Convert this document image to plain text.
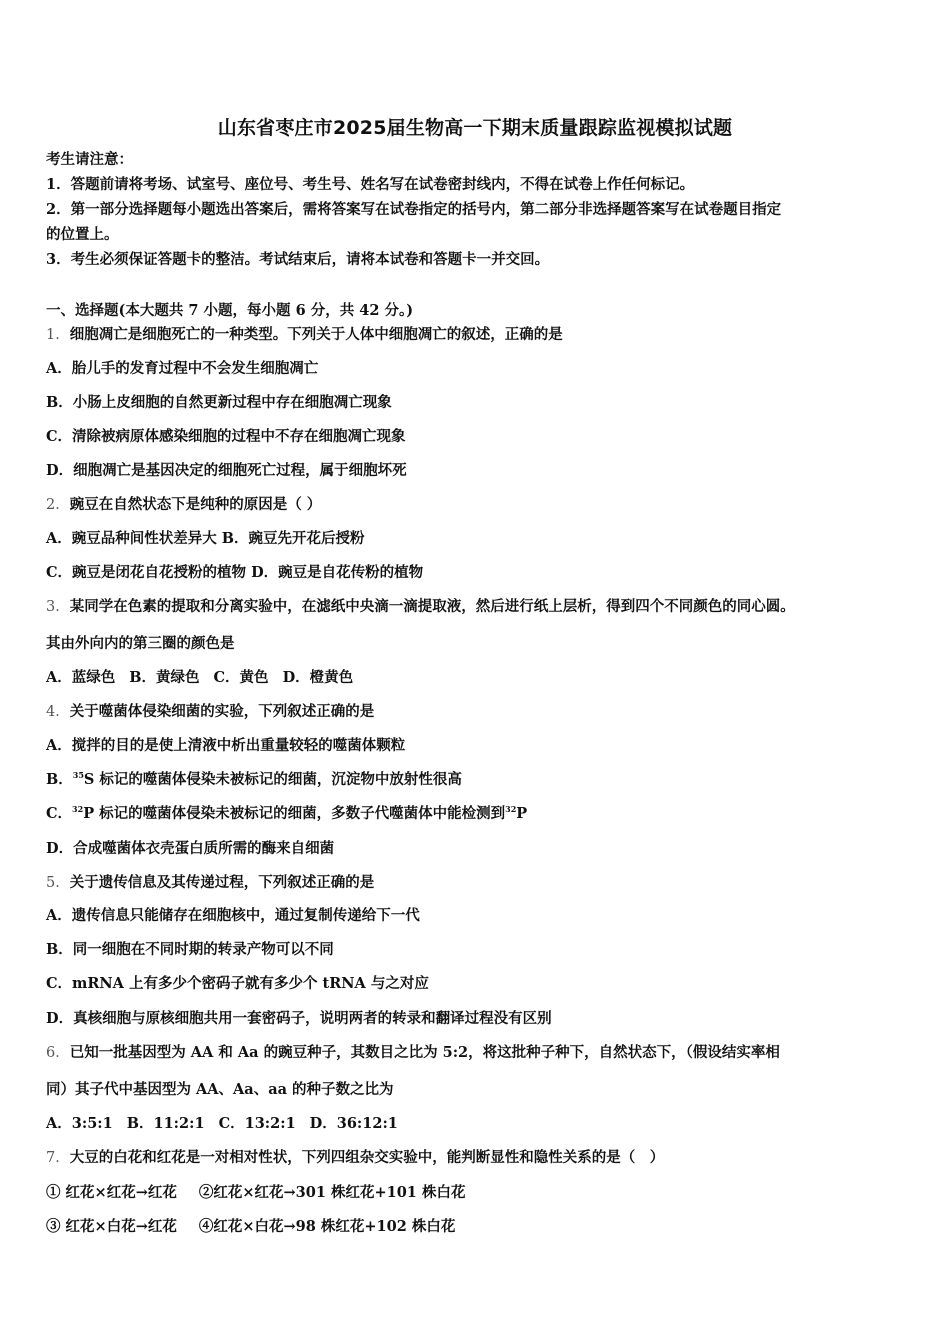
山东省枣庄市2025届生物高一下期末质量跟踪监视模拟试题
考生请注意：
1．答题前请将考场、试室号、座位号、考生号、姓名写在试卷密封线内，不得在试卷上作任何标记。
2．第一部分选择题每小题选出答案后，需将答案写在试卷指定的括号内，第二部分非选择题答案写在试卷题目指定
的位置上。
3．考生必须保证答题卡的整洁。考试结束后，请将本试卷和答题卡一并交回。
一、选择题(本大题共 7 小题，每小题 6 分，共 42 分。)
1．细胞凋亡是细胞死亡的一种类型。下列关于人体中细胞凋亡的叙述，正确的是
A．胎儿手的发育过程中不会发生细胞凋亡
B．小肠上皮细胞的自然更新过程中存在细胞凋亡现象
C．清除被病原体感染细胞的过程中不存在细胞凋亡现象
D．细胞凋亡是基因决定的细胞死亡过程，属于细胞坏死
2．豌豆在自然状态下是纯种的原因是（ ）
A．豌豆品种间性状差异大 B．豌豆先开花后授粉
C．豌豆是闭花自花授粉的植物 D．豌豆是自花传粉的植物
3．某同学在色素的提取和分离实验中，在滤纸中央滴一滴提取液，然后进行纸上层析，得到四个不同颜色的同心圆。
其由外向内的第三圈的颜色是
A．蓝绿色 B．黄绿色 C．黄色 D．橙黄色
4．关于噬菌体侵染细菌的实验，下列叙述正确的是
A．搅拌的目的是使上清液中析出重量较轻的噬菌体颗粒
B．$^{35}$S 标记的噬菌体侵染未被标记的细菌，沉淀物中放射性很高
C．$^{32}$P 标记的噬菌体侵染未被标记的细菌，多数子代噬菌体中能检测到$^{32}$P
D．合成噬菌体衣壳蛋白质所需的酶来自细菌
5．关于遗传信息及其传递过程，下列叙述正确的是
A．遗传信息只能储存在细胞核中，通过复制传递给下一代
B．同一细胞在不同时期的转录产物可以不同
C．mRNA 上有多少个密码子就有多少个 tRNA 与之对应
D．真核细胞与原核细胞共用一套密码子，说明两者的转录和翻译过程没有区别
6．已知一批基因型为 AA 和 Aa 的豌豆种子，其数目之比为 5:2，将这批种子种下，自然状态下，（假设结实率相
同）其子代中基因型为 AA、Aa、aa 的种子数之比为
A．3:5:1 B．11:2:1 C．13:2:1 D．36:12:1
7．大豆的白花和红花是一对相对性状，下列四组杂交实验中，能判断显性和隐性关系的是（　）
① 红花×红花→红花 ②红花×红花→301 株红花+101 株白花
③ 红花×白花→红花 ④红花×白花→98 株红花+102 株白花
